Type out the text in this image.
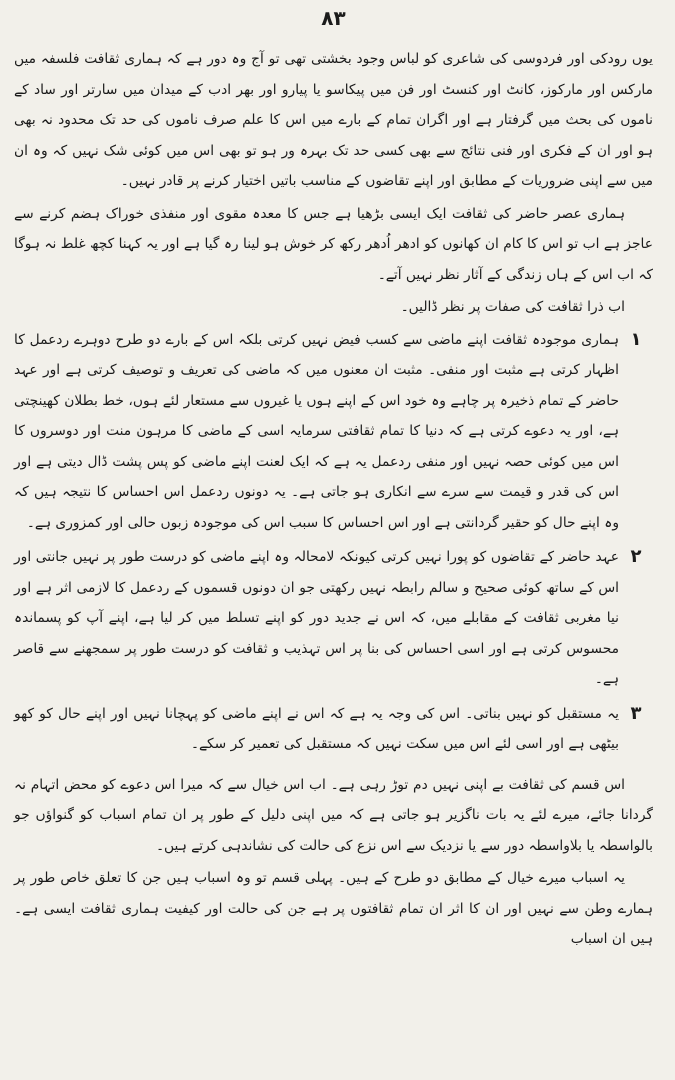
۸۳

یوں رودکی اور فردوسی کی شاعری کو لباس وجود بخشتی تھی تو آج وہ دور ہے کہ ہماری ثقافت فلسفہ میں مارکس اور مارکوز، کانٹ اور کنسٹ اور فن میں پیکاسو یا پیارو اور بھر ادب کے میدان میں سارتر اور ساد کے ناموں کی بحث میں گرفتار ہے اور اگران تمام کے بارے میں اس کا علم صرف ناموں کی حد تک محدود نہ بھی ہو اور ان کے فکری اور فنی نتائج سے بھی کسی حد تک بہرہ ور ہو تو بھی اس میں کوئی شک نہیں کہ وہ ان میں سے اپنی ضروریات کے مطابق اور اپنے تقاضوں کے مناسب باتیں اختیار کرنے پر قادر نہیں۔

ہماری عصر حاضر کی ثقافت ایک ایسی بڑھیا ہے جس کا معدہ مقوی اور منفذی خوراک ہضم کرنے سے عاجز ہے اب تو اس کا کام ان کھانوں کو ادھر اُدھر رکھ کر خوش ہو لینا رہ گیا ہے اور یہ کہنا کچھ غلط نہ ہوگا کہ اب اس کے ہاں زندگی کے آثار نظر نہیں آتے۔

اب ذرا ثقافت کی صفات پر نظر ڈالیں۔

۱
ہماری موجودہ ثقافت اپنے ماضی سے کسب فیض نہیں کرتی بلکہ اس کے بارے دو طرح دوہرے ردعمل کا اظہار کرتی ہے مثبت اور منفی۔ مثبت ان معنوں میں کہ ماضی کی تعریف و توصیف کرتی ہے اور عہد حاضر کے تمام ذخیرہ پر چاہے وہ خود اس کے اپنے ہوں یا غیروں سے مستعار لئے ہوں، خط بطلان کھینچتی ہے، اور یہ دعوے کرتی ہے کہ دنیا کا تمام ثقافتی سرمایہ اسی کے ماضی کا مرہون منت اور دوسروں کا اس میں کوئی حصہ نہیں اور منفی ردعمل یہ ہے کہ ایک لعنت اپنے ماضی کو پس پشت ڈال دیتی ہے اور اس کی قدر و قیمت سے سرے سے انکاری ہو جاتی ہے۔ یہ دونوں ردعمل اس احساس کا نتیجہ ہیں کہ وہ اپنے حال کو حقیر گردانتی ہے اور اس احساس کا سبب اس کی موجودہ زبوں حالی اور کمزوری ہے۔
۲
عہد حاضر کے تقاضوں کو پورا نہیں کرتی کیونکہ لامحالہ وہ اپنے ماضی کو درست طور پر نہیں جانتی اور اس کے ساتھ کوئی صحیح و سالم رابطہ نہیں رکھتی جو ان دونوں قسموں کے ردعمل کا لازمی اثر ہے اور نیا مغربی ثقافت کے مقابلے میں، کہ اس نے جدید دور کو اپنے تسلط میں کر لیا ہے، اپنے آپ کو پسماندہ محسوس کرتی ہے اور اسی احساس کی بنا پر اس تہذیب و ثقافت کو درست طور پر سمجھنے سے قاصر ہے۔
۳
یہ مستقبل کو نہیں بناتی۔ اس کی وجہ یہ ہے کہ اس نے اپنے ماضی کو پہچانا نہیں اور اپنے حال کو کھو بیٹھی ہے اور اسی لئے اس میں سکت نہیں کہ مستقبل کی تعمیر کر سکے۔

اس قسم کی ثقافت بے اپنی نہیں دم توڑ رہی ہے۔ اب اس خیال سے کہ میرا اس دعوے کو محض اتہام نہ گردانا جائے، میرے لئے یہ بات ناگزیر ہو جاتی ہے کہ میں اپنی دلیل کے طور پر ان تمام اسباب کو گنواؤں جو بالواسطہ یا بلاواسطہ دور سے یا نزدیک سے اس نزع کی حالت کی نشاندہی کرتے ہیں۔

یہ اسباب میرے خیال کے مطابق دو طرح کے ہیں۔ پہلی قسم تو وہ اسباب ہیں جن کا تعلق خاص طور پر ہمارے وطن سے نہیں اور ان کا اثر ان تمام ثقافتوں پر ہے جن کی حالت اور کیفیت ہماری ثقافت ایسی ہے۔ ہیں ان اسباب
